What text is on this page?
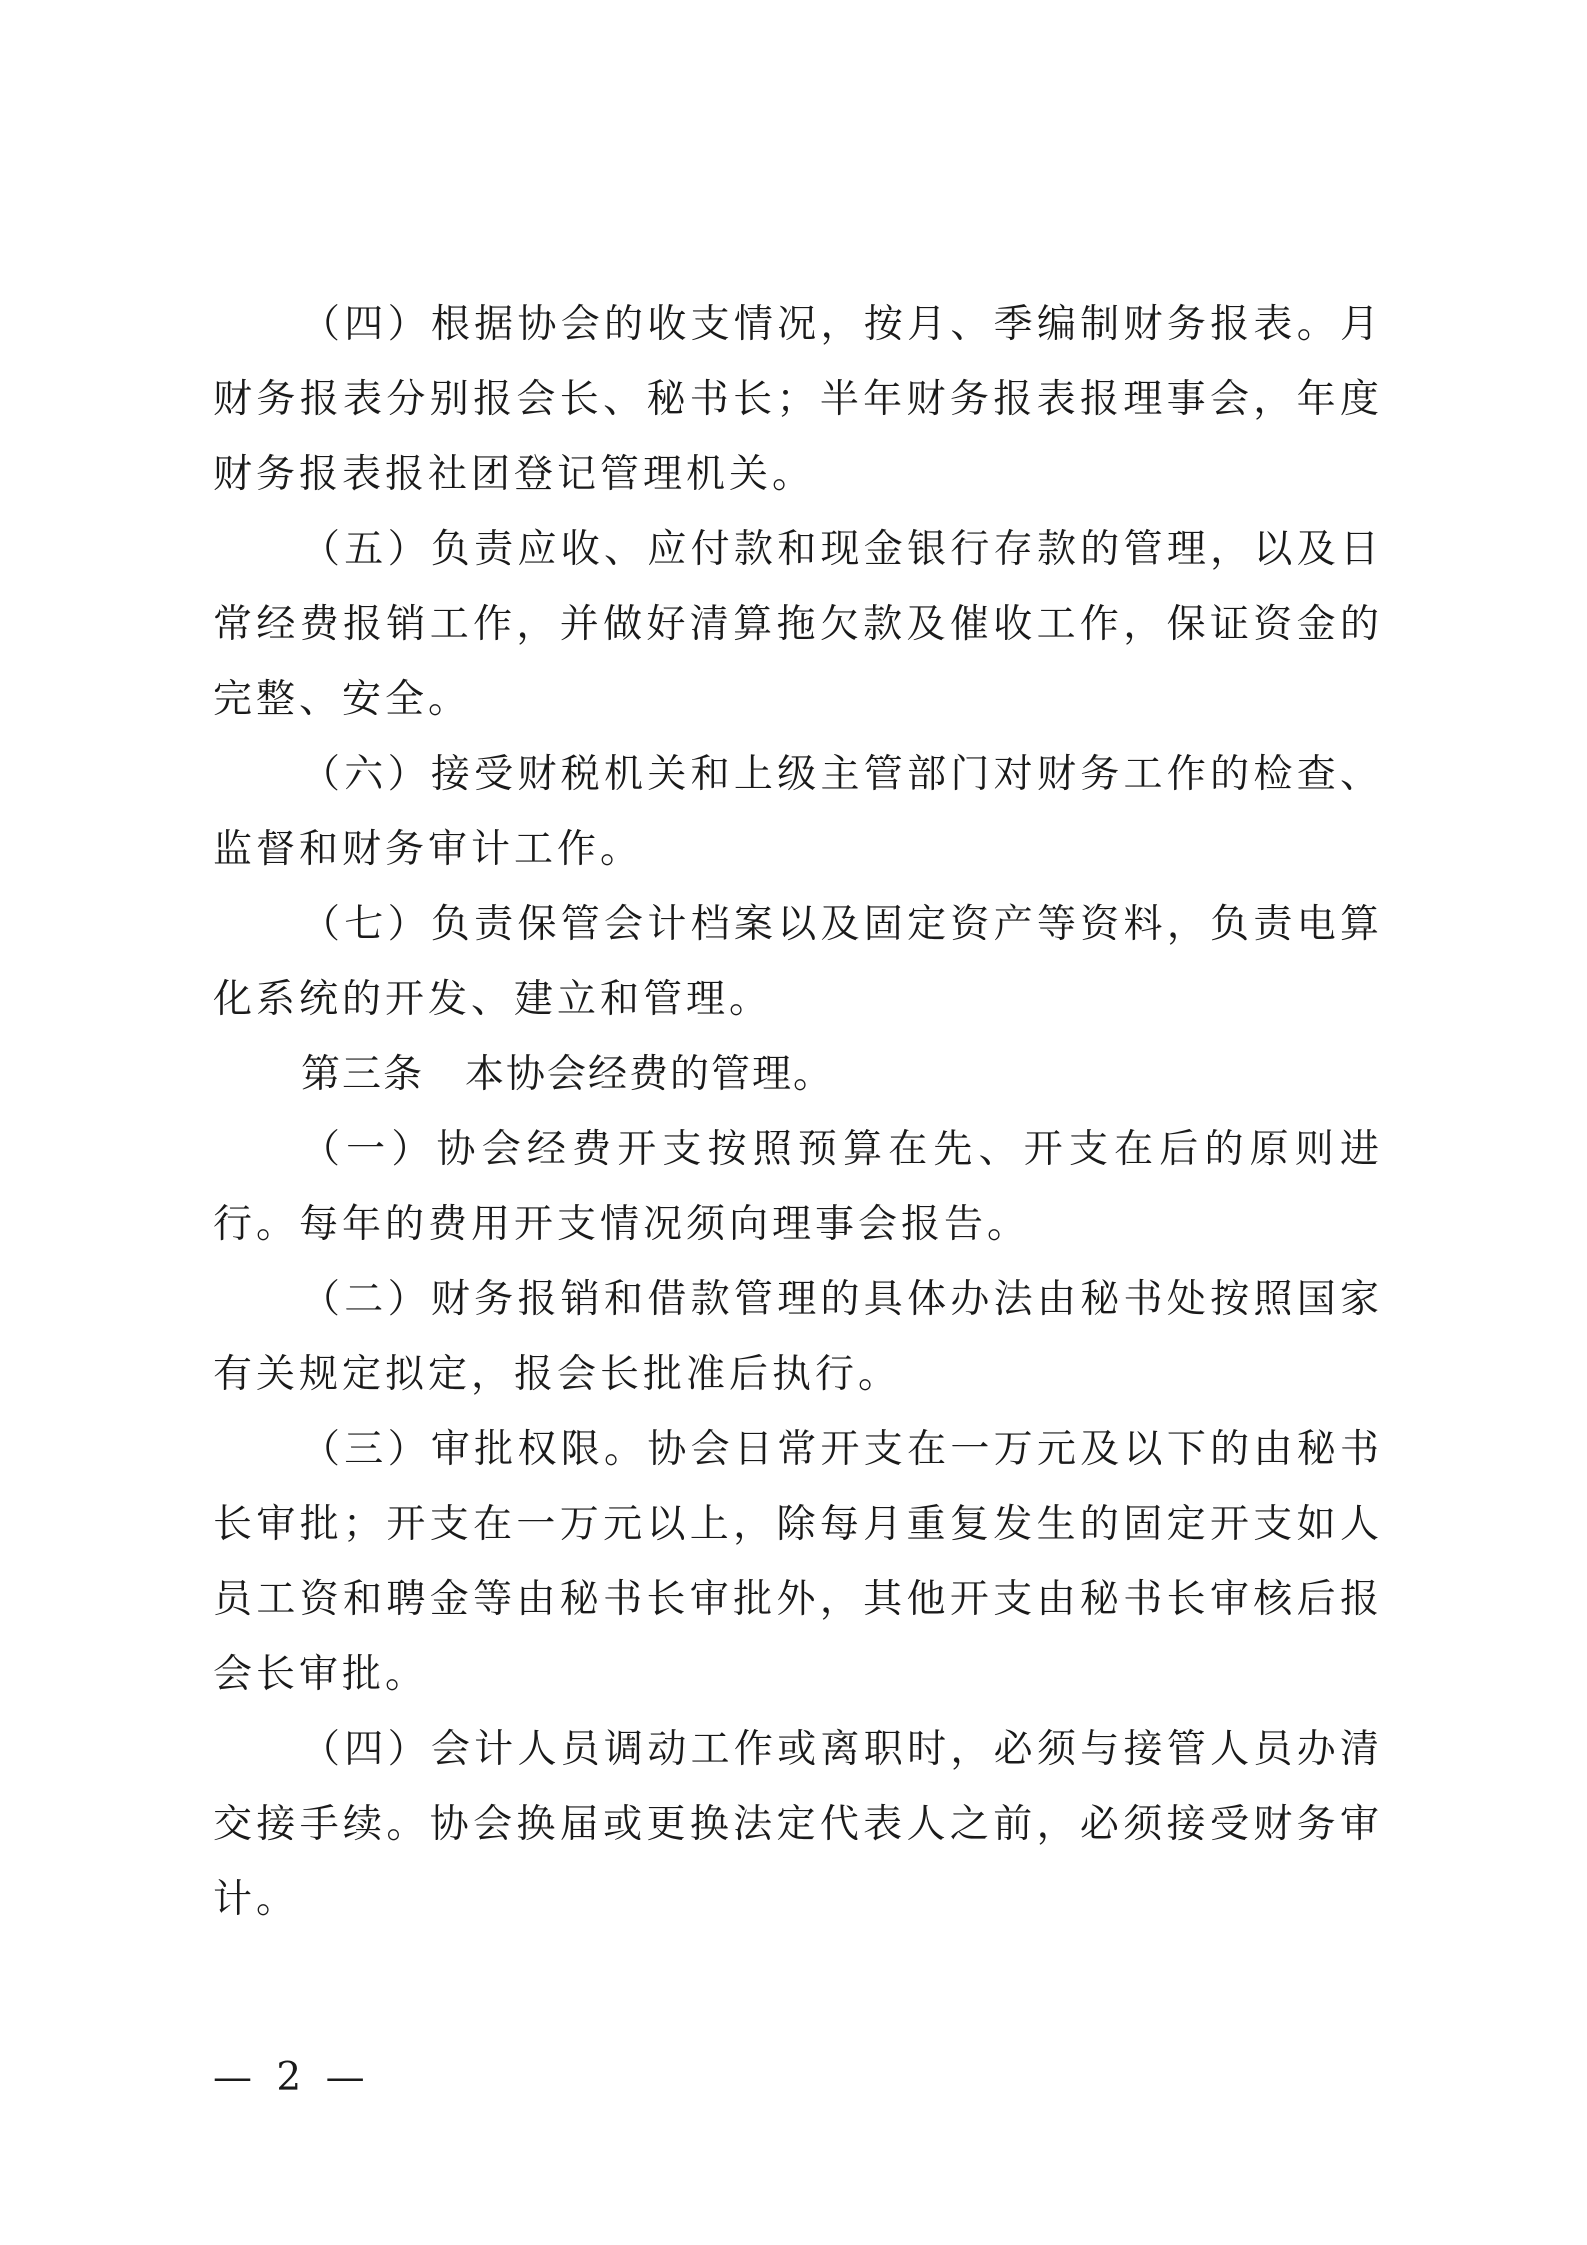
（四）根据协会的收支情况，按月、季编制财务报表。月财务报表分别报会长、秘书长；半年财务报表报理事会，年度财务报表报社团登记管理机关。

（五）负责应收、应付款和现金银行存款的管理，以及日常经费报销工作，并做好清算拖欠款及催收工作，保证资金的完整、安全。

（六）接受财税机关和上级主管部门对财务工作的检查、监督和财务审计工作。

（七）负责保管会计档案以及固定资产等资料，负责电算化系统的开发、建立和管理。

第三条　本协会经费的管理。

（一）协会经费开支按照预算在先、开支在后的原则进行。每年的费用开支情况须向理事会报告。

（二）财务报销和借款管理的具体办法由秘书处按照国家有关规定拟定，报会长批准后执行。

（三）审批权限。协会日常开支在一万元及以下的由秘书长审批；开支在一万元以上，除每月重复发生的固定开支如人员工资和聘金等由秘书长审批外，其他开支由秘书长审核后报会长审批。

（四）会计人员调动工作或离职时，必须与接管人员办清交接手续。协会换届或更换法定代表人之前，必须接受财务审计。

— 2 —
